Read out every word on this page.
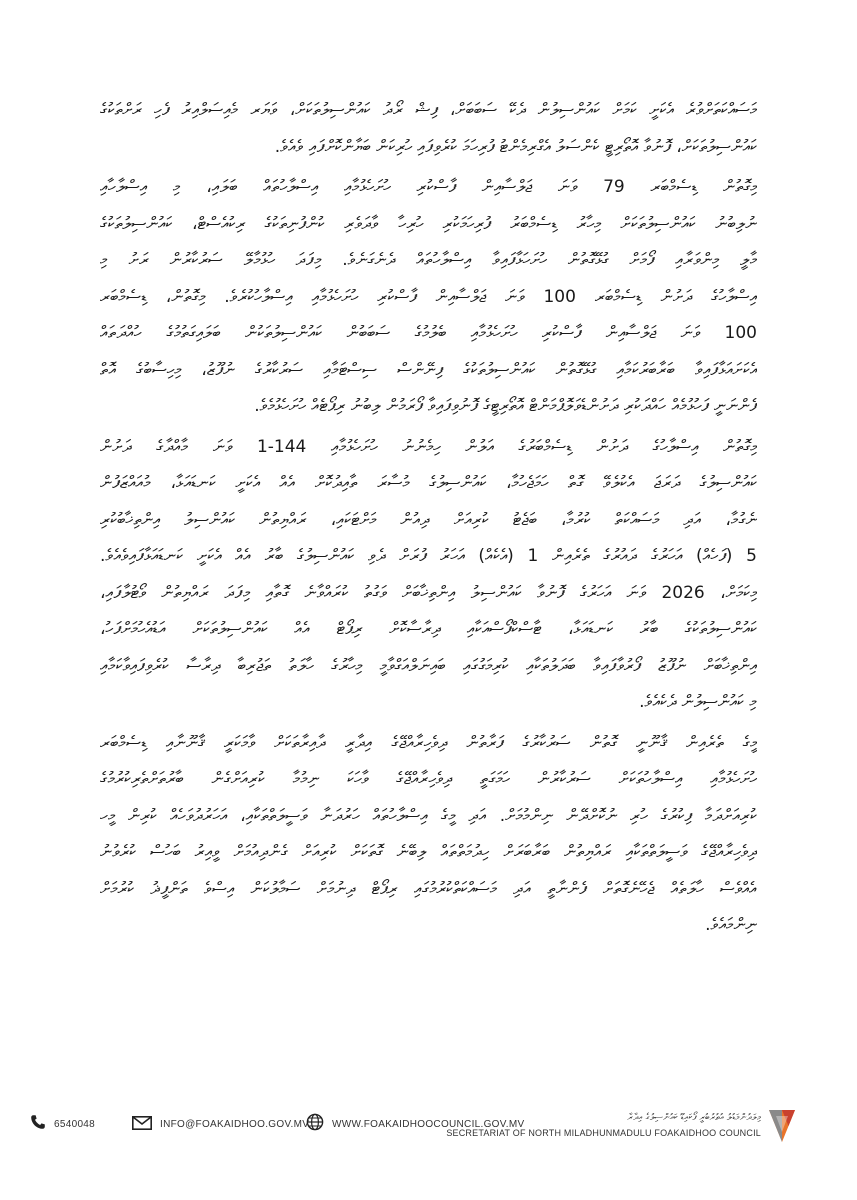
މަސައްކަތަށްވުރެ އެކަށީ ކަމަށް ކައުންސިލުން ދެކޭ ސަބަބަށް، ފިޝް ރޯދު ކައުންސިލުތަކަށް، ވަޔަރ މެއިސަލްއިރު ފެހި ރަށްތަކުގެ
ކައުންސިލުތަކަށް، ފޮނުވާ އޮތޯރިޓީ ކެންސަލު އެގްރިމެންޓު ފުރިހަމަ ކުރެވިފައި ހުރިކަން ބަޔާންކޮށްފައި ވެއެވެ.
މިގޮތުން ޑިސެމްބަރ 79 ވަނަ ޖަލްސާއިން ފާސްކުރި ހުށަހެޅުމާއި އިސްލާހުތައް ބަލައި، މި އިސްލާހާއި
ނުލިބުނު ކައުންސިލުތަކަށް މިހާރު ޑިސެމްބަރު ފުރިހަމަކުރި ހުރިހާ ވާދަވެރި ކުންފުނިތަކުގެ ރިކުއެސްޓް، ކައުންސިލުތަކުގެ
މާލީ މިންވަރާއި ފޯމަށް ގުޅޭގޮތުން ހުށަހަޅާފައިވާ އިސްލާހުތައް ދެނެގަނެވެ. މިފަދަ ހުޅުމާލޭ ސަރުކާރުން ރަށު މި
އިސްލާހުގެ ދަށުން ޑިސެމްބަރ 100 ވަނަ ޖަލްސާއިން ފާސްކުރި ހުށަހެޅުމާއި އިސްލާހުކުރެވެ. މިގޮތުން، ޑިސެމްބަރ
100 ވަނަ ޖަލްސާއިން ފާސްކުރި ހުށަހެޅުމާއި ބެލުމުގެ ސަބަބުން ކައުންސިލުތަކުން ބަލައިގަތުމުގެ ހުއްދަތައް
އެކަށައަޅާފައިވާ ބަރާބަރުކަމާއި ގުޅޭގޮތުން ކައުންސިލުތަކުގެ ފިނޭންސް ސިސްޓަމާއި ސަރުކާރުގެ ނުފޫޒު، މިހިސާބުގެ އޮތް
ފެންނަނީ ފަހުޅުމެއް ހައްދަކުރި ދަށުންޑެވަލޮޕްމަންޓް އޮތޯރިޓީގެ ފޮނުވިފައިވާ ފޯރަމުން ލިބުނު ރިޕޯޓެއް ހުށަހެޅުމެވެ.
މިގޮތުން އިސްލާހުގެ ދަށުން ޑިސެމްބަރުގެ އަލުން ހިމެނުނު ހުށަހެޅުމާއި 144-1 ވަނަ މާއްދާގެ ދަށުން
ކައުންސިލުގެ ދަރަޖަ އެކުލެވޭ ގޮތް ހަމަޖެހުމާ، ކައުންސިލުގެ މުސާރަ ތާއިދުކޮށް އެއް އެކަށީ ކަނޑައަޅާ، މުއައްޒަފުން
ނެގުމާ، އަދި މަސައްކަތް ކުރުމާ، ބަޖެޓު ކުރިއަށް ދިއުން މަށްޓަކައި، ރައްޔިތުން ކައުންސިލު އިންތިޚާބުކުރި
5 (ފަހެއް) އަހަރުގެ ދައުރުގެ ތެރެއިން 1 (އެކެއް) އަހަރު ފުރަށް ދެވި ކައުންސިލުގެ ބާރު އެއް އެކަށީ ކަނޑައަޅާފައިވެއެވެ.
މިކަމަށް، 2026 ވަނަ އަހަރުގެ ފޮނުވާ ކައުންސިލު އިންތިޚާބަށް ވަގުތު ކުރައްވާނެ ގޮތާއި މިފަދަ ރައްޔިތުން ވޯޓުލާފައި،
ކައުންސިލުތަކުގެ ބާރު ކަނޑައަޅާ، ޓާސްކްފޯސްއަކާއި ދިރާސާކޮށް ރިޕޯޓް އެއް ކައުންސިލުތަކަށް އަޑުއެހުމަށްފަހު،
އިންތިޚާބަށް ނުފޫޒު ފޯރުވާފައިވާ ބަދަލުތަކާއި ކުރިމަގުގައި ބައިނަލްއަގްވާމީ މިހާރުގެ ހާލަތު ތަޖުރިބާ ދިރާސާ ކުރެވިފައިވާކަމާއި
މި ކައުންސިލުން ދެކެއެވެ.
މީގެ ތެރެއިން ޤާނޫނީ ގޮތުން ސަރުކާރުގެ ފަރާތުން ދިވެހިރާއްޖޭގެ އިދާރީ ދާއިރާތަކަށް ވާމަކަރީ ޤާނޫނާއި ޑިސެމްބަރ
ހުށަހެޅުމާއި އިސްލާހުތަކަށް ސަރުކާރުން ހަމަގަތީ ދިވެހިރާއްޖޭގެ ވާހަކަ ނިމުމާ ކުރިއަށްގެން ބާރުތަށްތެރިކުރުމުގެ
ކުރިއަށްދަމާ ފިކުރުގެ ހުރި ނުކޮށްދޭން ނިންމުމަށް. އަދި މީގެ އިސްލާހުތައް ހަރުދަނާ ވަސީލަތްތަކާއި، އަހަރުދުވަހެއް ކުރިން މީހ
ދިވެހިރާއްޖޭގެ ވަސީލަތްތަކާއި ރައްޔިތުން ބަރާބަރަށް ހިދުމަތްތައް ލިބޭނެ ގޮތަކަށް ކުރިއަށް ގެންދިއުމަށް ވީއިރު ބަހުސް ކުރެވުނު
އެއްވެސް ހާލަތެއް ޖެހޭނެގޮތަށް ފެންނާތީ އަދި މަސައްކަތްކުރުމުގައި ރިޕޯޓް ދިނުމަށް ސަމާލުކަން އިސްވެ ތަންފީޛު ކުރުމަށް
ނިންމައެވެ.
6540048	INFO@FOAKAIDHOO.GOV.MV WWW.FOAKAIDHOOCOUNCIL.GOV.MV
މިލަދުންމަޑުލު އުތުރުބުރީ ފޯކައިޑޫ ކައުންސިލުގެ އިދާރާ
SECRETARIAT OF NORTH MILADHUNMADULU FOAKAIDHOO COUNCIL
